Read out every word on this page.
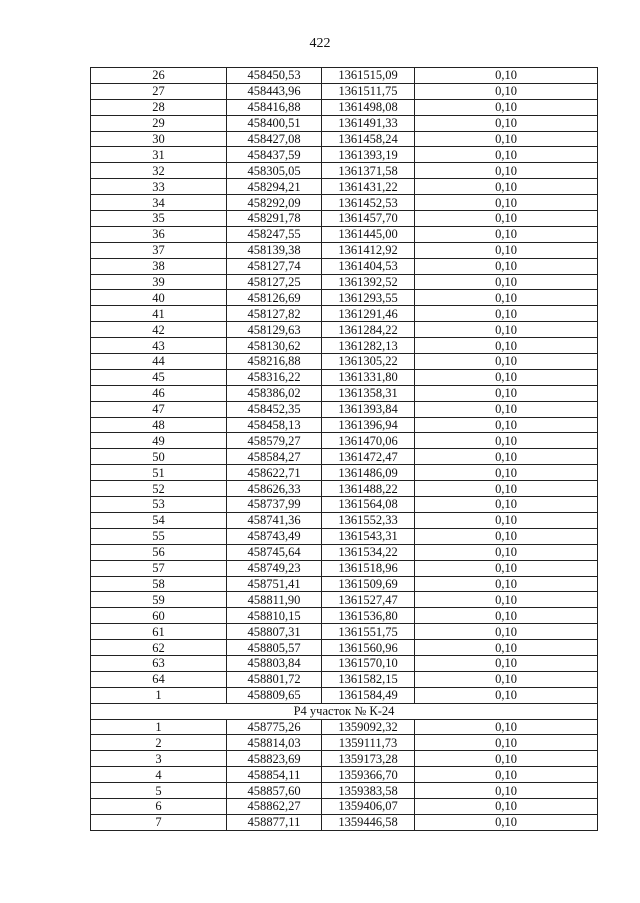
422
26	458450,53	1361515,09	0,10
27	458443,96	1361511,75	0,10
28	458416,88	1361498,08	0,10
29	458400,51	1361491,33	0,10
30	458427,08	1361458,24	0,10
31	458437,59	1361393,19	0,10
32	458305,05	1361371,58	0,10
33	458294,21	1361431,22	0,10
34	458292,09	1361452,53	0,10
35	458291,78	1361457,70	0,10
36	458247,55	1361445,00	0,10
37	458139,38	1361412,92	0,10
38	458127,74	1361404,53	0,10
39	458127,25	1361392,52	0,10
40	458126,69	1361293,55	0,10
41	458127,82	1361291,46	0,10
42	458129,63	1361284,22	0,10
43	458130,62	1361282,13	0,10
44	458216,88	1361305,22	0,10
45	458316,22	1361331,80	0,10
46	458386,02	1361358,31	0,10
47	458452,35	1361393,84	0,10
48	458458,13	1361396,94	0,10
49	458579,27	1361470,06	0,10
50	458584,27	1361472,47	0,10
51	458622,71	1361486,09	0,10
52	458626,33	1361488,22	0,10
53	458737,99	1361564,08	0,10
54	458741,36	1361552,33	0,10
55	458743,49	1361543,31	0,10
56	458745,64	1361534,22	0,10
57	458749,23	1361518,96	0,10
58	458751,41	1361509,69	0,10
59	458811,90	1361527,47	0,10
60	458810,15	1361536,80	0,10
61	458807,31	1361551,75	0,10
62	458805,57	1361560,96	0,10
63	458803,84	1361570,10	0,10
64	458801,72	1361582,15	0,10
1	458809,65	1361584,49	0,10
Р4 участок № К-24			
1	458775,26	1359092,32	0,10
2	458814,03	1359111,73	0,10
3	458823,69	1359173,28	0,10
4	458854,11	1359366,70	0,10
5	458857,60	1359383,58	0,10
6	458862,27	1359406,07	0,10
7	458877,11	1359446,58	0,10
